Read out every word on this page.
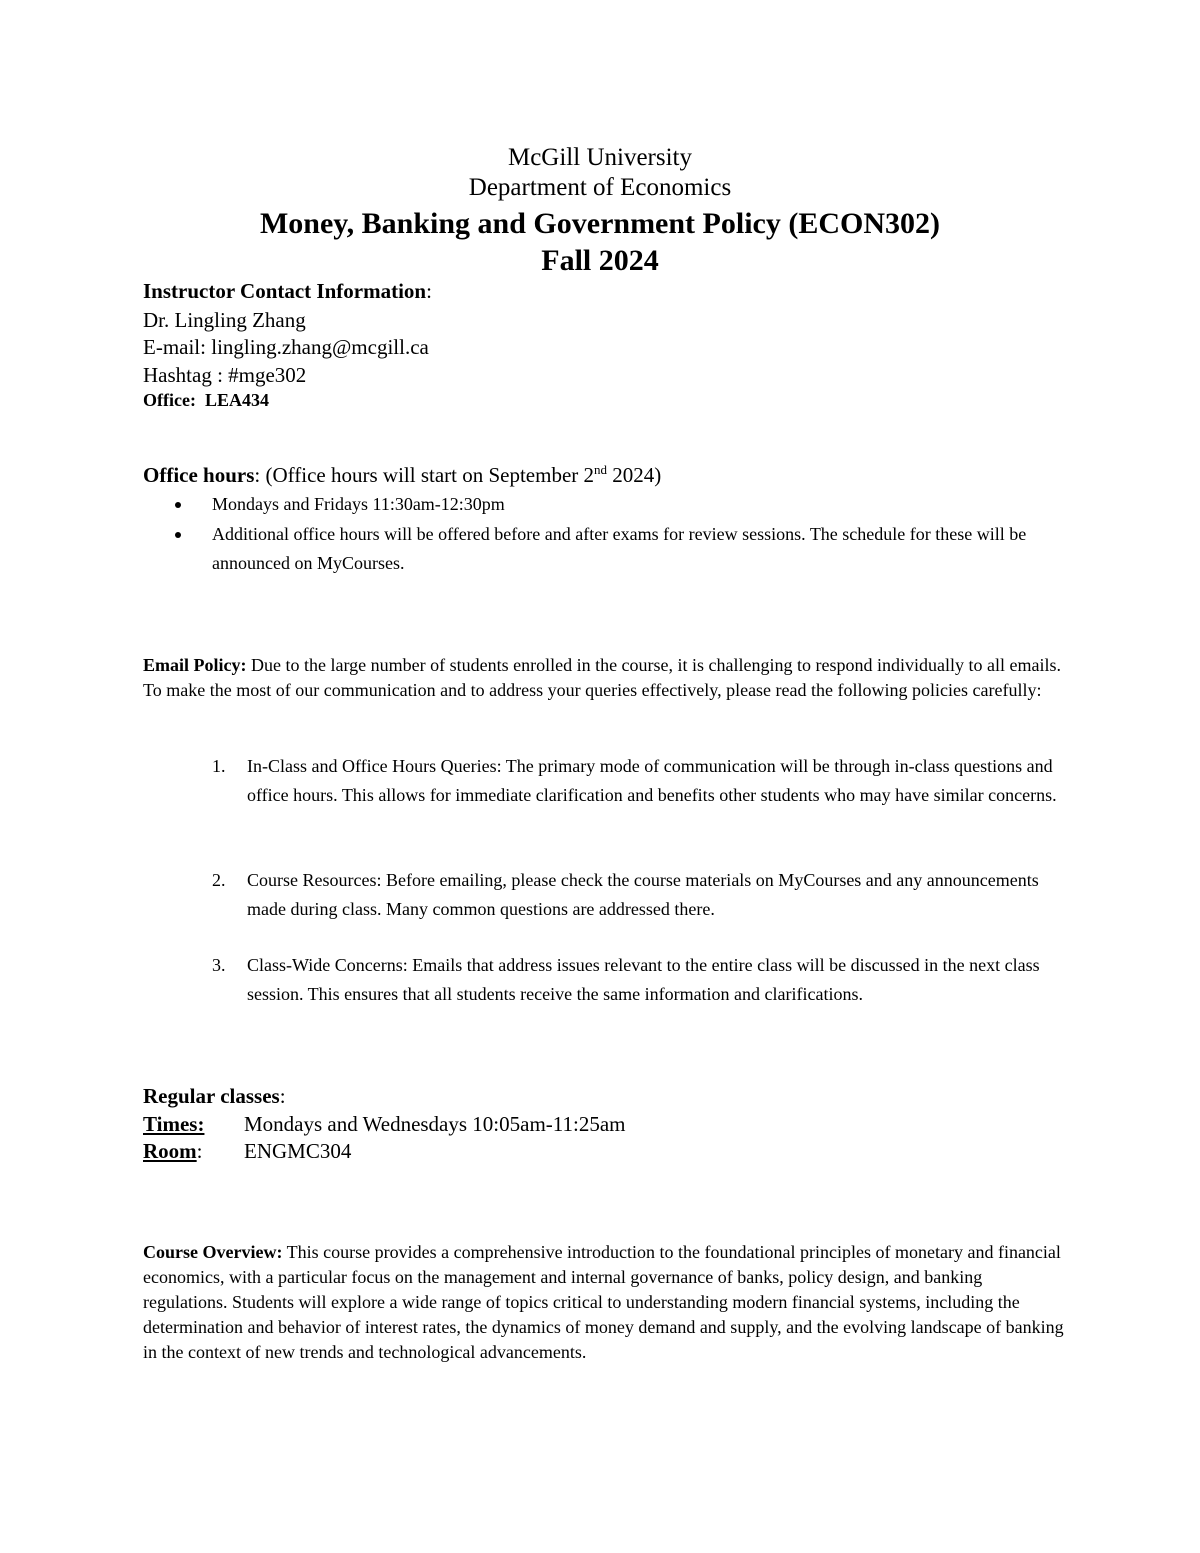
McGill University
Department of Economics
Money, Banking and Government Policy (ECON302)
Fall 2024
Instructor Contact Information:
Dr. Lingling Zhang
E-mail: lingling.zhang@mcgill.ca
Hashtag : #mge302
Office: LEA434
Office hours: (Office hours will start on September 2nd 2024)
Mondays and Fridays 11:30am-12:30pm
Additional office hours will be offered before and after exams for review sessions. The schedule for these will be announced on MyCourses.
Email Policy: Due to the large number of students enrolled in the course, it is challenging to respond individually to all emails. To make the most of our communication and to address your queries effectively, please read the following policies carefully:
1. In-Class and Office Hours Queries: The primary mode of communication will be through in-class questions and office hours. This allows for immediate clarification and benefits other students who may have similar concerns.
2. Course Resources: Before emailing, please check the course materials on MyCourses and any announcements made during class. Many common questions are addressed there.
3. Class-Wide Concerns: Emails that address issues relevant to the entire class will be discussed in the next class session. This ensures that all students receive the same information and clarifications.
Regular classes:
Times: Mondays and Wednesdays 10:05am-11:25am
Room: ENGMC304
Course Overview: This course provides a comprehensive introduction to the foundational principles of monetary and financial economics, with a particular focus on the management and internal governance of banks, policy design, and banking regulations. Students will explore a wide range of topics critical to understanding modern financial systems, including the determination and behavior of interest rates, the dynamics of money demand and supply, and the evolving landscape of banking in the context of new trends and technological advancements.
